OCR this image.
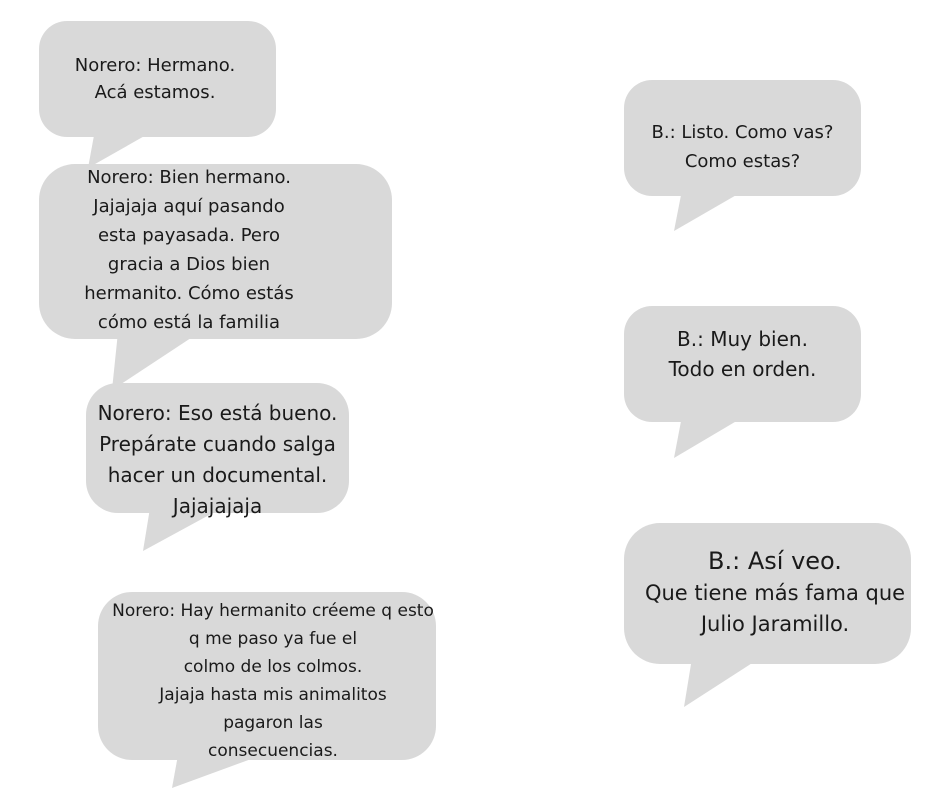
Norero: Hermano.
Acá estamos.
Norero: Bien hermano.
Jajajaja aquí pasando
esta payasada. Pero
gracia a Dios bien
hermanito. Cómo estás
cómo está la familia
Norero: Eso está bueno.
Prepárate cuando salga
hacer un documental.
Jajajajaja
Norero: Hay hermanito créeme q esto
q me paso ya fue el
colmo de los colmos.
Jajaja hasta mis animalitos
pagaron las
consecuencias.
B.: Listo. Como vas?
Como estas?
B.: Muy bien.
Todo en orden.
B.: Así veo.
Que tiene más fama que
Julio Jaramillo.
